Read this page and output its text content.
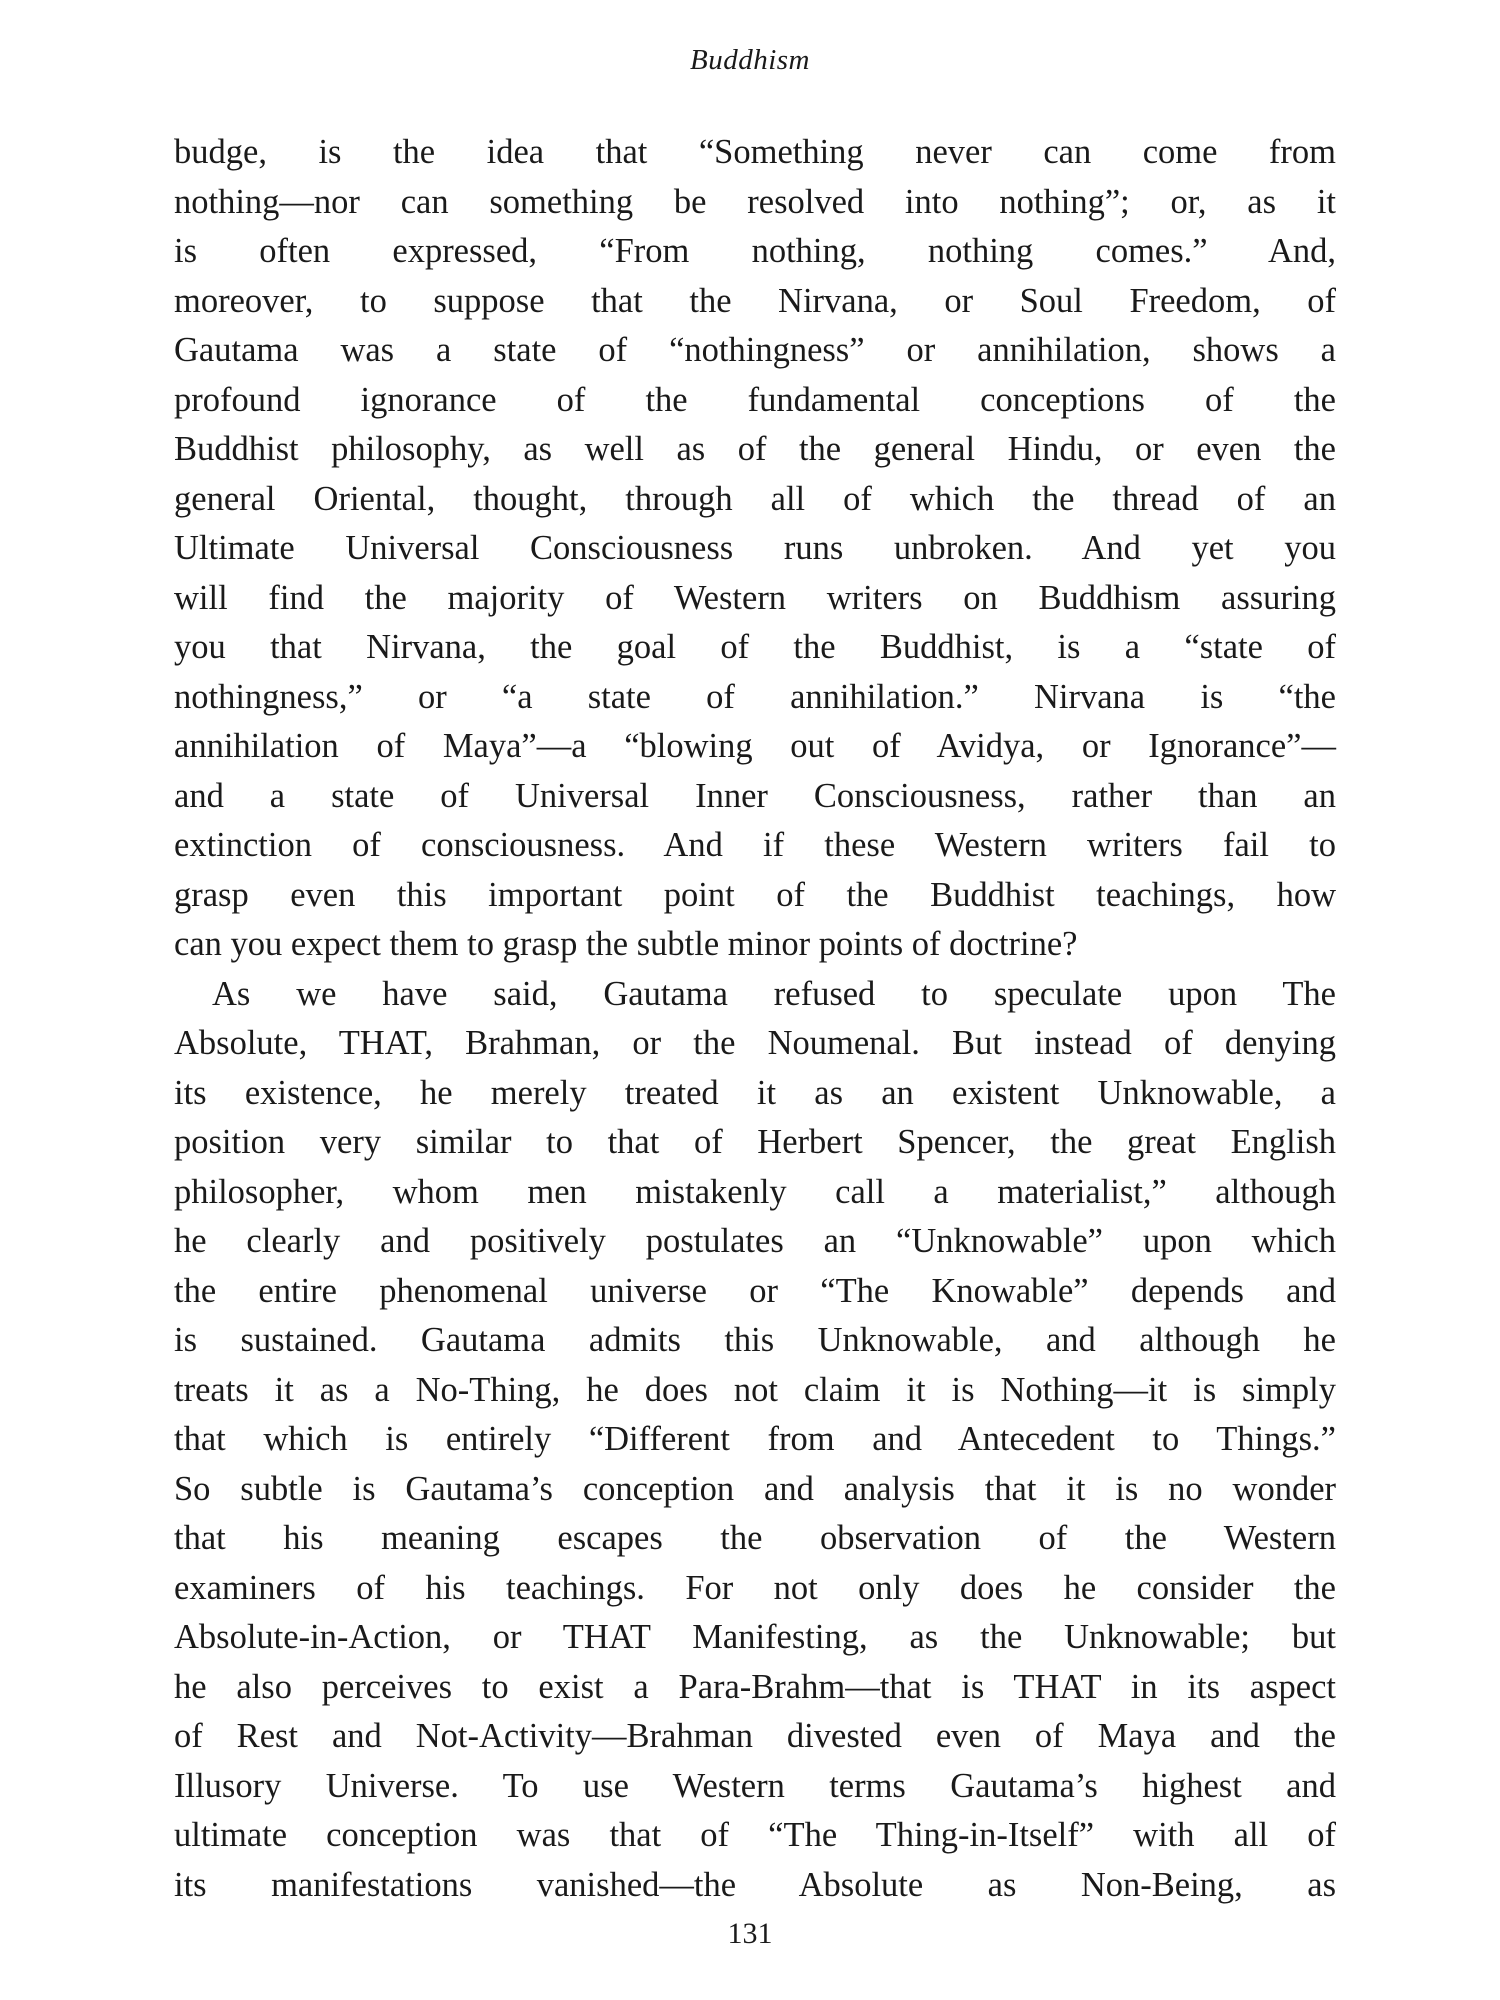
Buddhism
budge, is the idea that “Something never can come from
nothing—nor can something be resolved into nothing”; or, as it
is often expressed, “From nothing, nothing comes.” And,
moreover, to suppose that the Nirvana, or Soul Freedom, of
Gautama was a state of “nothingness” or annihilation, shows a
profound ignorance of the fundamental conceptions of the
Buddhist philosophy, as well as of the general Hindu, or even the
general Oriental, thought, through all of which the thread of an
Ultimate Universal Consciousness runs unbroken. And yet you
will find the majority of Western writers on Buddhism assuring
you that Nirvana, the goal of the Buddhist, is a “state of
nothingness,” or “a state of annihilation.” Nirvana is “the
annihilation of Maya”—a “blowing out of Avidya, or Ignorance”—
and a state of Universal Inner Consciousness, rather than an
extinction of consciousness. And if these Western writers fail to
grasp even this important point of the Buddhist teachings, how
can you expect them to grasp the subtle minor points of doctrine?
As we have said, Gautama refused to speculate upon The
Absolute, THAT, Brahman, or the Noumenal. But instead of denying
its existence, he merely treated it as an existent Unknowable, a
position very similar to that of Herbert Spencer, the great English
philosopher, whom men mistakenly call a materialist,” although
he clearly and positively postulates an “Unknowable” upon which
the entire phenomenal universe or “The Knowable” depends and
is sustained. Gautama admits this Unknowable, and although he
treats it as a No-Thing, he does not claim it is Nothing—it is simply
that which is entirely “Different from and Antecedent to Things.”
So subtle is Gautama’s conception and analysis that it is no wonder
that his meaning escapes the observation of the Western
examiners of his teachings. For not only does he consider the
Absolute-in-Action, or THAT Manifesting, as the Unknowable; but
he also perceives to exist a Para-Brahm—that is THAT in its aspect
of Rest and Not-Activity—Brahman divested even of Maya and the
Illusory Universe. To use Western terms Gautama’s highest and
ultimate conception was that of “The Thing-in-Itself” with all of
its manifestations vanished—the Absolute as Non-Being, as
131
